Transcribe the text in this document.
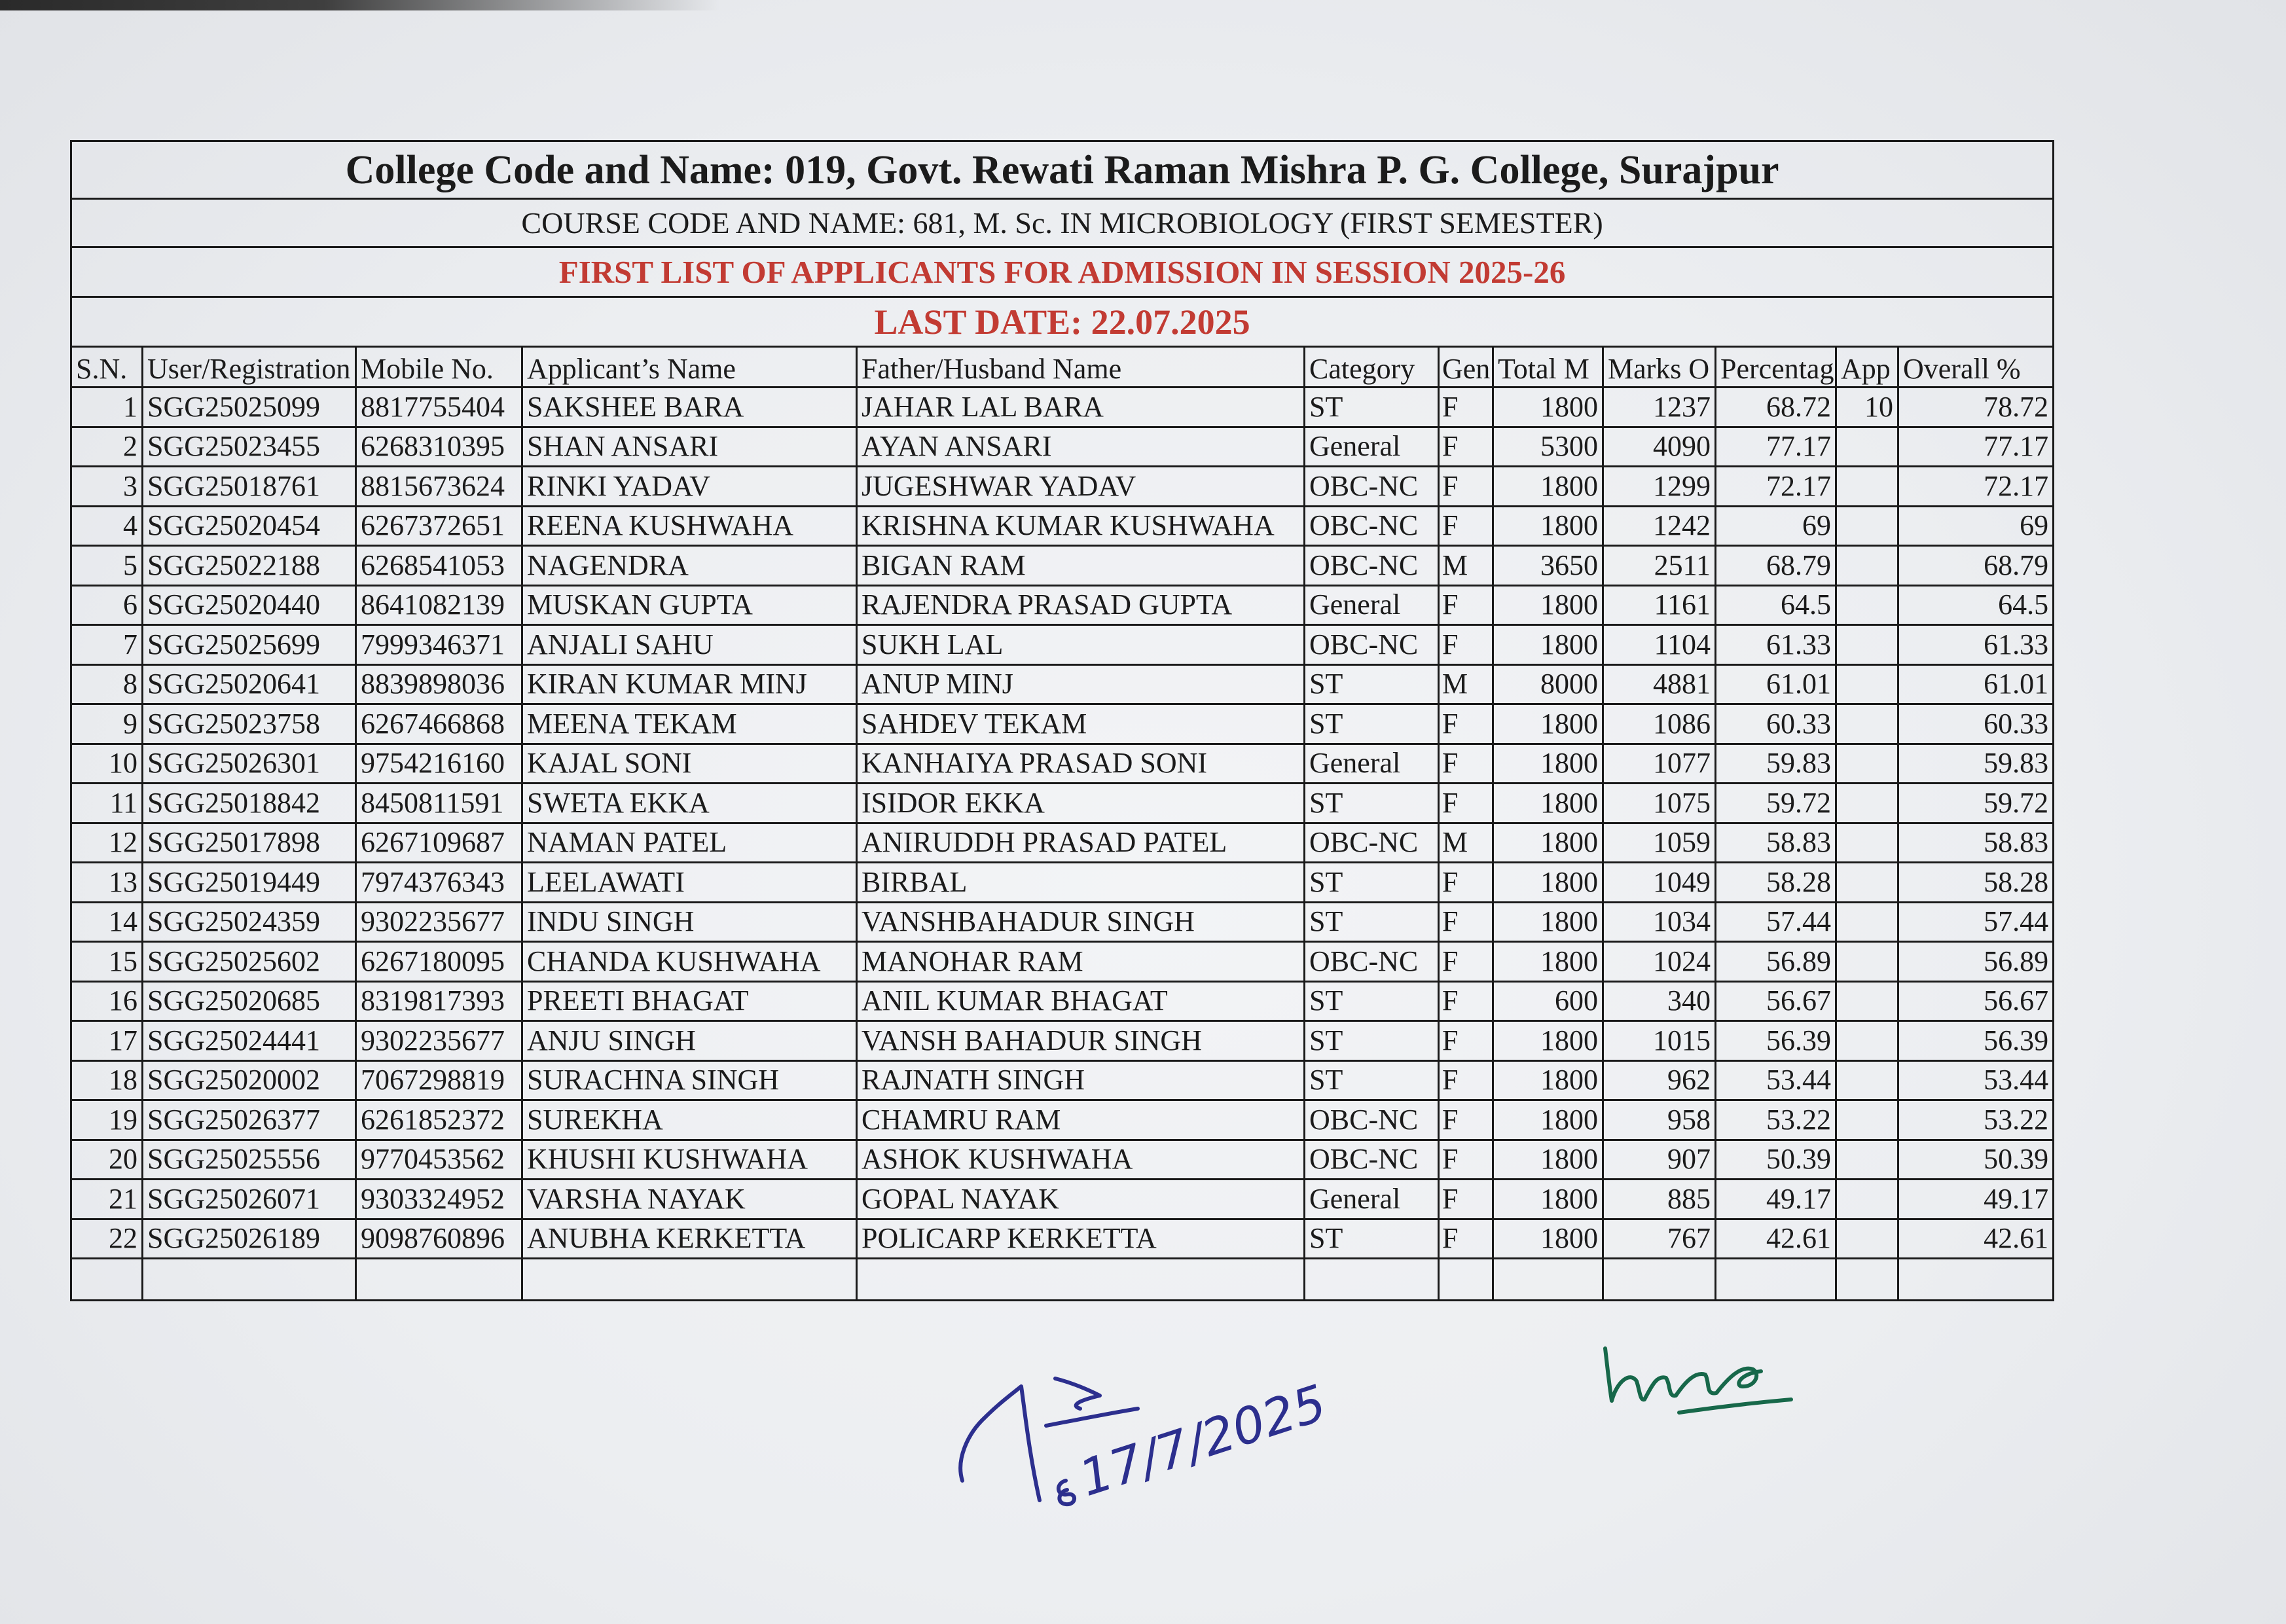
College Code and Name: 019, Govt. Rewati Raman Mishra P. G. College, Surajpur											
COURSE CODE AND NAME: 681, M. Sc. IN MICROBIOLOGY (FIRST SEMESTER)											
FIRST LIST OF APPLICANTS FOR ADMISSION IN SESSION 2025-26											
LAST DATE: 22.07.2025											
S.N.	User/Registration	Mobile No.	Applicant’s Name	Father/Husband Name	Category	Gen	Total M	Marks O	Percentag	App	Overall %
1	SGG25025099	8817755404	SAKSHEE BARA	JAHAR LAL BARA	ST	F	1800	1237	68.72	10	78.72
2	SGG25023455	6268310395	SHAN ANSARI	AYAN ANSARI	General	F	5300	4090	77.17		77.17
3	SGG25018761	8815673624	RINKI YADAV	JUGESHWAR YADAV	OBC-NC	F	1800	1299	72.17		72.17
4	SGG25020454	6267372651	REENA KUSHWAHA	KRISHNA KUMAR KUSHWAHA	OBC-NC	F	1800	1242	69		69
5	SGG25022188	6268541053	NAGENDRA	BIGAN RAM	OBC-NC	M	3650	2511	68.79		68.79
6	SGG25020440	8641082139	MUSKAN GUPTA	RAJENDRA PRASAD GUPTA	General	F	1800	1161	64.5		64.5
7	SGG25025699	7999346371	ANJALI SAHU	SUKH LAL	OBC-NC	F	1800	1104	61.33		61.33
8	SGG25020641	8839898036	KIRAN KUMAR MINJ	ANUP MINJ	ST	M	8000	4881	61.01		61.01
9	SGG25023758	6267466868	MEENA TEKAM	SAHDEV TEKAM	ST	F	1800	1086	60.33		60.33
10	SGG25026301	9754216160	KAJAL SONI	KANHAIYA PRASAD SONI	General	F	1800	1077	59.83		59.83
11	SGG25018842	8450811591	SWETA EKKA	ISIDOR EKKA	ST	F	1800	1075	59.72		59.72
12	SGG25017898	6267109687	NAMAN PATEL	ANIRUDDH PRASAD PATEL	OBC-NC	M	1800	1059	58.83		58.83
13	SGG25019449	7974376343	LEELAWATI	BIRBAL	ST	F	1800	1049	58.28		58.28
14	SGG25024359	9302235677	INDU SINGH	VANSHBAHADUR SINGH	ST	F	1800	1034	57.44		57.44
15	SGG25025602	6267180095	CHANDA KUSHWAHA	MANOHAR RAM	OBC-NC	F	1800	1024	56.89		56.89
16	SGG25020685	8319817393	PREETI BHAGAT	ANIL KUMAR BHAGAT	ST	F	600	340	56.67		56.67
17	SGG25024441	9302235677	ANJU SINGH	VANSH BAHADUR SINGH	ST	F	1800	1015	56.39		56.39
18	SGG25020002	7067298819	SURACHNA SINGH	RAJNATH SINGH	ST	F	1800	962	53.44		53.44
19	SGG25026377	6261852372	SUREKHA	CHAMRU RAM	OBC-NC	F	1800	958	53.22		53.22
20	SGG25025556	9770453562	KHUSHI KUSHWAHA	ASHOK KUSHWAHA	OBC-NC	F	1800	907	50.39		50.39
21	SGG25026071	9303324952	VARSHA NAYAK	GOPAL NAYAK	General	F	1800	885	49.17		49.17
22	SGG25026189	9098760896	ANUBHA KERKETTA	POLICARP KERKETTA	ST	F	1800	767	42.61		42.61

17/7/2025
